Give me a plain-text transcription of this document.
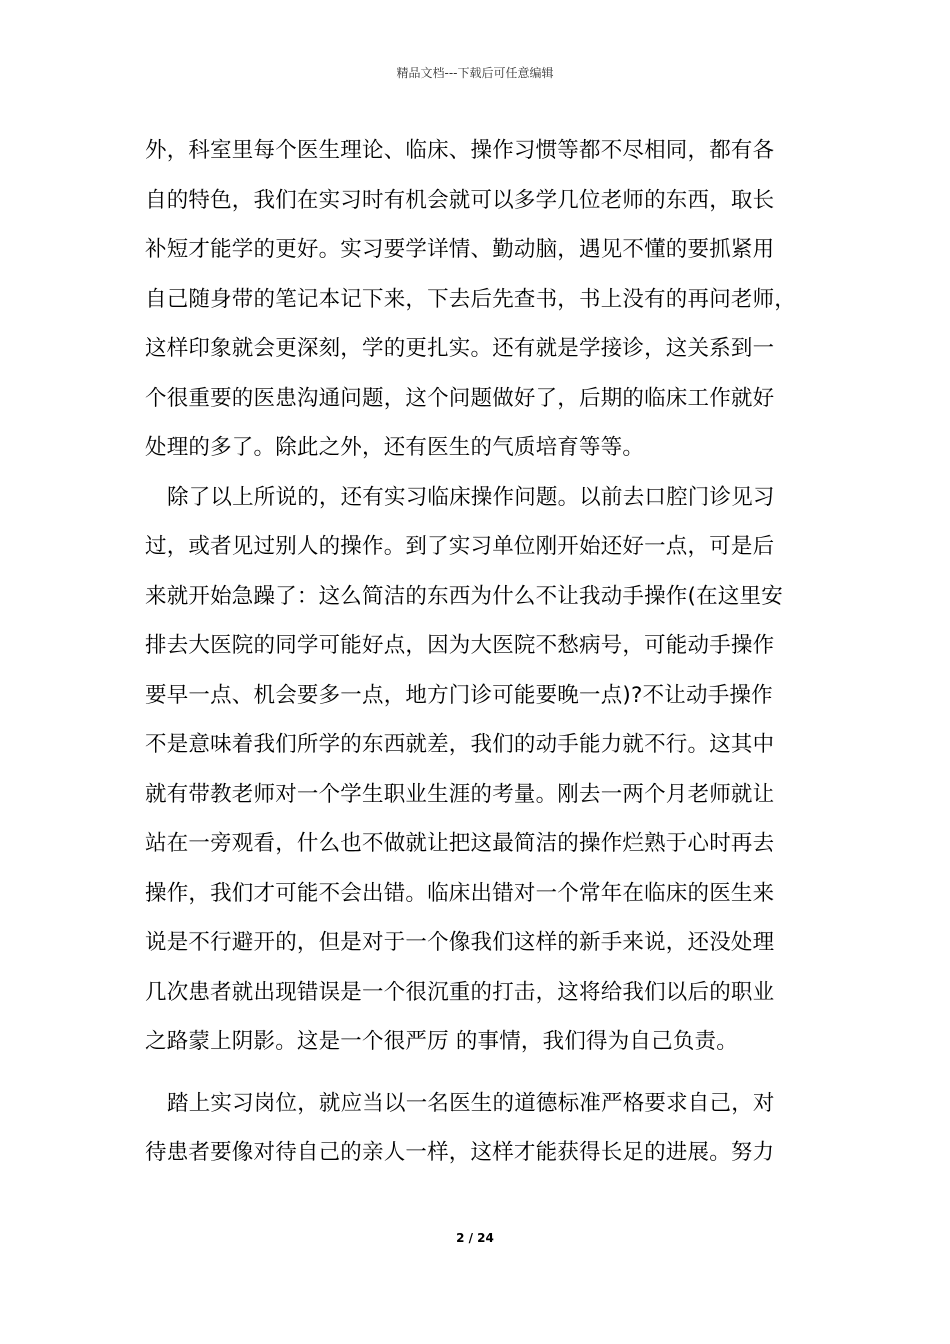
精品文档---下载后可任意编辑
外，科室里每个医生理论、临床、操作习惯等都不尽相同，都有各
自的特色，我们在实习时有机会就可以多学几位老师的东西，取长
补短才能学的更好。实习要学详情、勤动脑，遇见不懂的要抓紧用
自己随身带的笔记本记下来，下去后先查书，书上没有的再问老师，
这样印象就会更深刻，学的更扎实。还有就是学接诊，这关系到一
个很重要的医患沟通问题，这个问题做好了，后期的临床工作就好
处理的多了。除此之外，还有医生的气质培育等等。
除了以上所说的，还有实习临床操作问题。以前去口腔门诊见习
过，或者见过别人的操作。到了实习单位刚开始还好一点，可是后
来就开始急躁了：这么简洁的东西为什么不让我动手操作(在这里安
排去大医院的同学可能好点，因为大医院不愁病号，可能动手操作
要早一点、机会要多一点，地方门诊可能要晚一点)?不让动手操作
不是意味着我们所学的东西就差，我们的动手能力就不行。这其中
就有带教老师对一个学生职业生涯的考量。刚去一两个月老师就让
站在一旁观看，什么也不做就让把这最简洁的操作烂熟于心时再去
操作，我们才可能不会出错。临床出错对一个常年在临床的医生来
说是不行避开的，但是对于一个像我们这样的新手来说，还没处理
几次患者就出现错误是一个很沉重的打击，这将给我们以后的职业
之路蒙上阴影。这是一个很严厉 的事情，我们得为自己负责。
踏上实习岗位，就应当以一名医生的道德标准严格要求自己，对
待患者要像对待自己的亲人一样，这样才能获得长足的进展。努力
2 / 24
